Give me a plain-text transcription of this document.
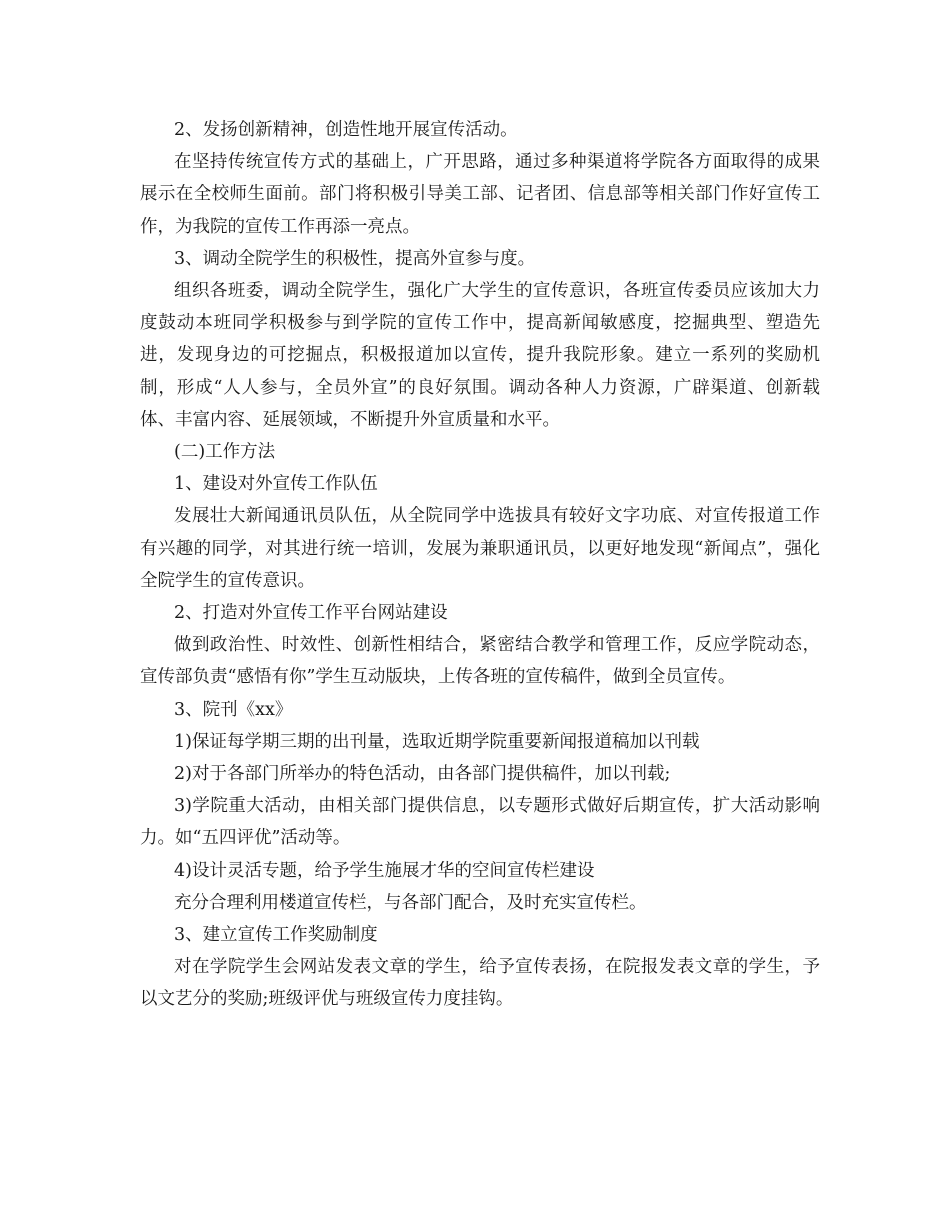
2、发扬创新精神，创造性地开展宣传活动。

在坚持传统宣传方式的基础上，广开思路，通过多种渠道将学院各方面取得的成果展示在全校师生面前。部门将积极引导美工部、记者团、信息部等相关部门作好宣传工作，为我院的宣传工作再添一亮点。

3、调动全院学生的积极性，提高外宣参与度。

组织各班委，调动全院学生，强化广大学生的宣传意识，各班宣传委员应该加大力度鼓动本班同学积极参与到学院的宣传工作中，提高新闻敏感度，挖掘典型、塑造先进，发现身边的可挖掘点，积极报道加以宣传，提升我院形象。建立一系列的奖励机制，形成“人人参与，全员外宣”的良好氛围。调动各种人力资源，广辟渠道、创新载体、丰富内容、延展领域，不断提升外宣质量和水平。

(二)工作方法

1、建设对外宣传工作队伍

发展壮大新闻通讯员队伍，从全院同学中选拔具有较好文字功底、对宣传报道工作有兴趣的同学，对其进行统一培训，发展为兼职通讯员，以更好地发现“新闻点”，强化全院学生的宣传意识。

2、打造对外宣传工作平台网站建设

做到政治性、时效性、创新性相结合，紧密结合教学和管理工作，反应学院动态，宣传部负责“感悟有你”学生互动版块，上传各班的宣传稿件，做到全员宣传。

3、院刊《xx》

1)保证每学期三期的出刊量，选取近期学院重要新闻报道稿加以刊载

2)对于各部门所举办的特色活动，由各部门提供稿件，加以刊载;

3)学院重大活动，由相关部门提供信息，以专题形式做好后期宣传，扩大活动影响力。如“五四评优”活动等。

4)设计灵活专题，给予学生施展才华的空间宣传栏建设

充分合理利用楼道宣传栏，与各部门配合，及时充实宣传栏。

3、建立宣传工作奖励制度

对在学院学生会网站发表文章的学生，给予宣传表扬，在院报发表文章的学生，予以文艺分的奖励;班级评优与班级宣传力度挂钩。
